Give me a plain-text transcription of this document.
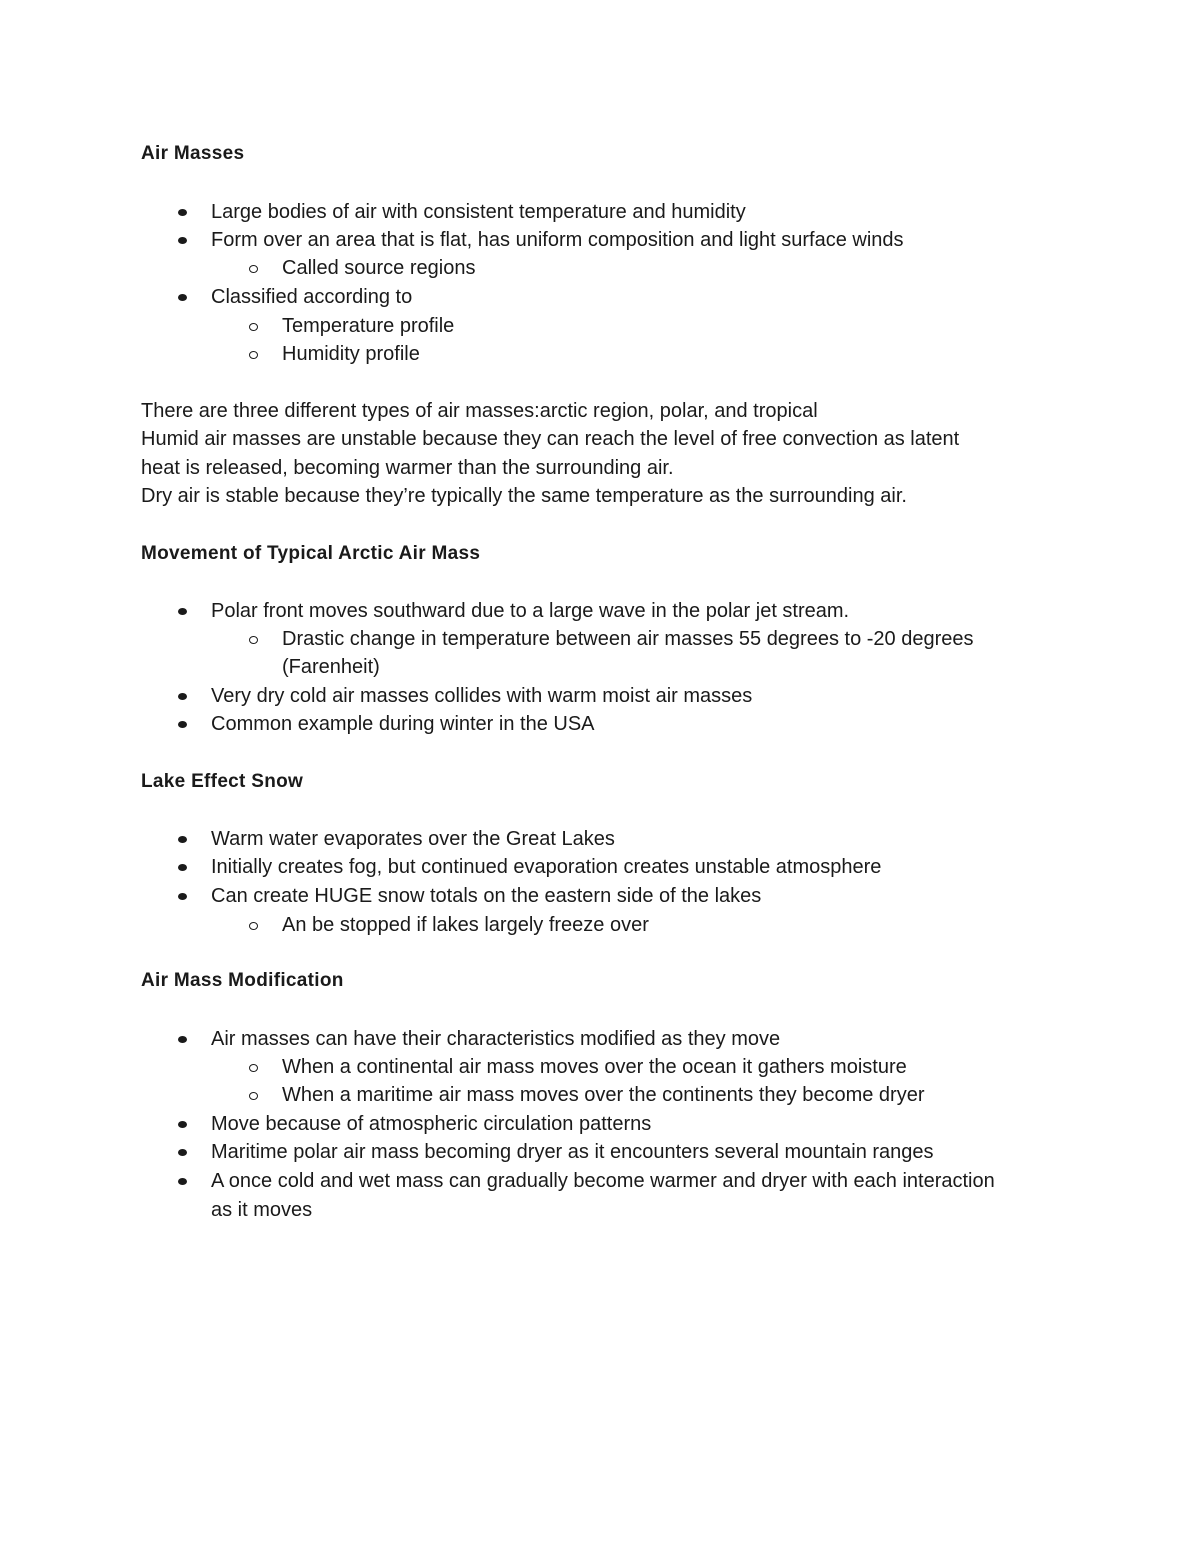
Air Masses

Large bodies of air with consistent temperature and humidity

Form over an area that is flat, has uniform composition and light surface winds

Called source regions

Classified according to

Temperature profile

Humidity profile

There are three different types of air masses:arctic region, polar, and tropical

Humid air masses are unstable because they can reach the level of free convection as latent

heat is released, becoming warmer than the surrounding air.

Dry air is stable because they’re typically the same temperature as the surrounding air.

Movement of Typical Arctic Air Mass

Polar front moves southward due to a large wave in the polar jet stream.

Drastic change in temperature between air masses 55 degrees to -20 degrees

(Farenheit)

Very dry cold air masses collides with warm moist air masses

Common example during winter in the USA

Lake Effect Snow

Warm water evaporates over the Great Lakes

Initially creates fog, but continued evaporation creates unstable atmosphere

Can create HUGE snow totals on the eastern side of the lakes

An be stopped if lakes largely freeze over

Air Mass Modification

Air masses can have their characteristics modified as they move

When a continental air mass moves over the ocean it gathers moisture

When a maritime air mass moves over the continents they become dryer

Move because of atmospheric circulation patterns

Maritime polar air mass becoming dryer as it encounters several mountain ranges

A once cold and wet mass can gradually become warmer and dryer with each interaction

as it moves
